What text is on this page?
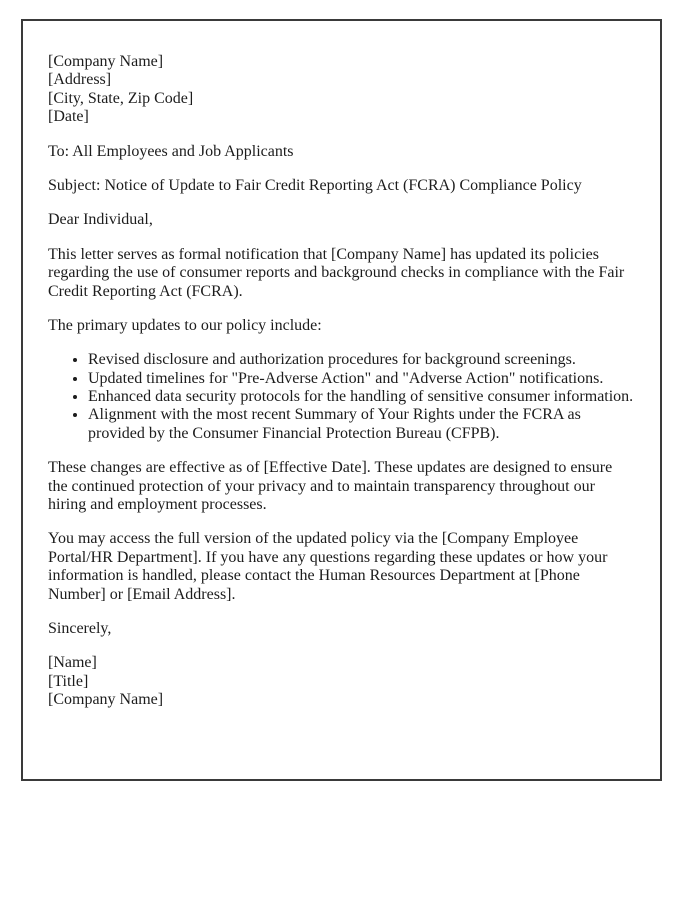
[Company Name]
[Address]
[City, State, Zip Code]
[Date]
To: All Employees and Job Applicants
Subject: Notice of Update to Fair Credit Reporting Act (FCRA) Compliance Policy
Dear Individual,
This letter serves as formal notification that [Company Name] has updated its policies regarding the use of consumer reports and background checks in compliance with the Fair Credit Reporting Act (FCRA).
The primary updates to our policy include:
• Revised disclosure and authorization procedures for background screenings.
• Updated timelines for "Pre-Adverse Action" and "Adverse Action" notifications.
• Enhanced data security protocols for the handling of sensitive consumer information.
• Alignment with the most recent Summary of Your Rights under the FCRA as provided by the Consumer Financial Protection Bureau (CFPB).
These changes are effective as of [Effective Date]. These updates are designed to ensure the continued protection of your privacy and to maintain transparency throughout our hiring and employment processes.
You may access the full version of the updated policy via the [Company Employee Portal/HR Department]. If you have any questions regarding these updates or how your information is handled, please contact the Human Resources Department at [Phone Number] or [Email Address].
Sincerely,
[Name]
[Title]
[Company Name]
